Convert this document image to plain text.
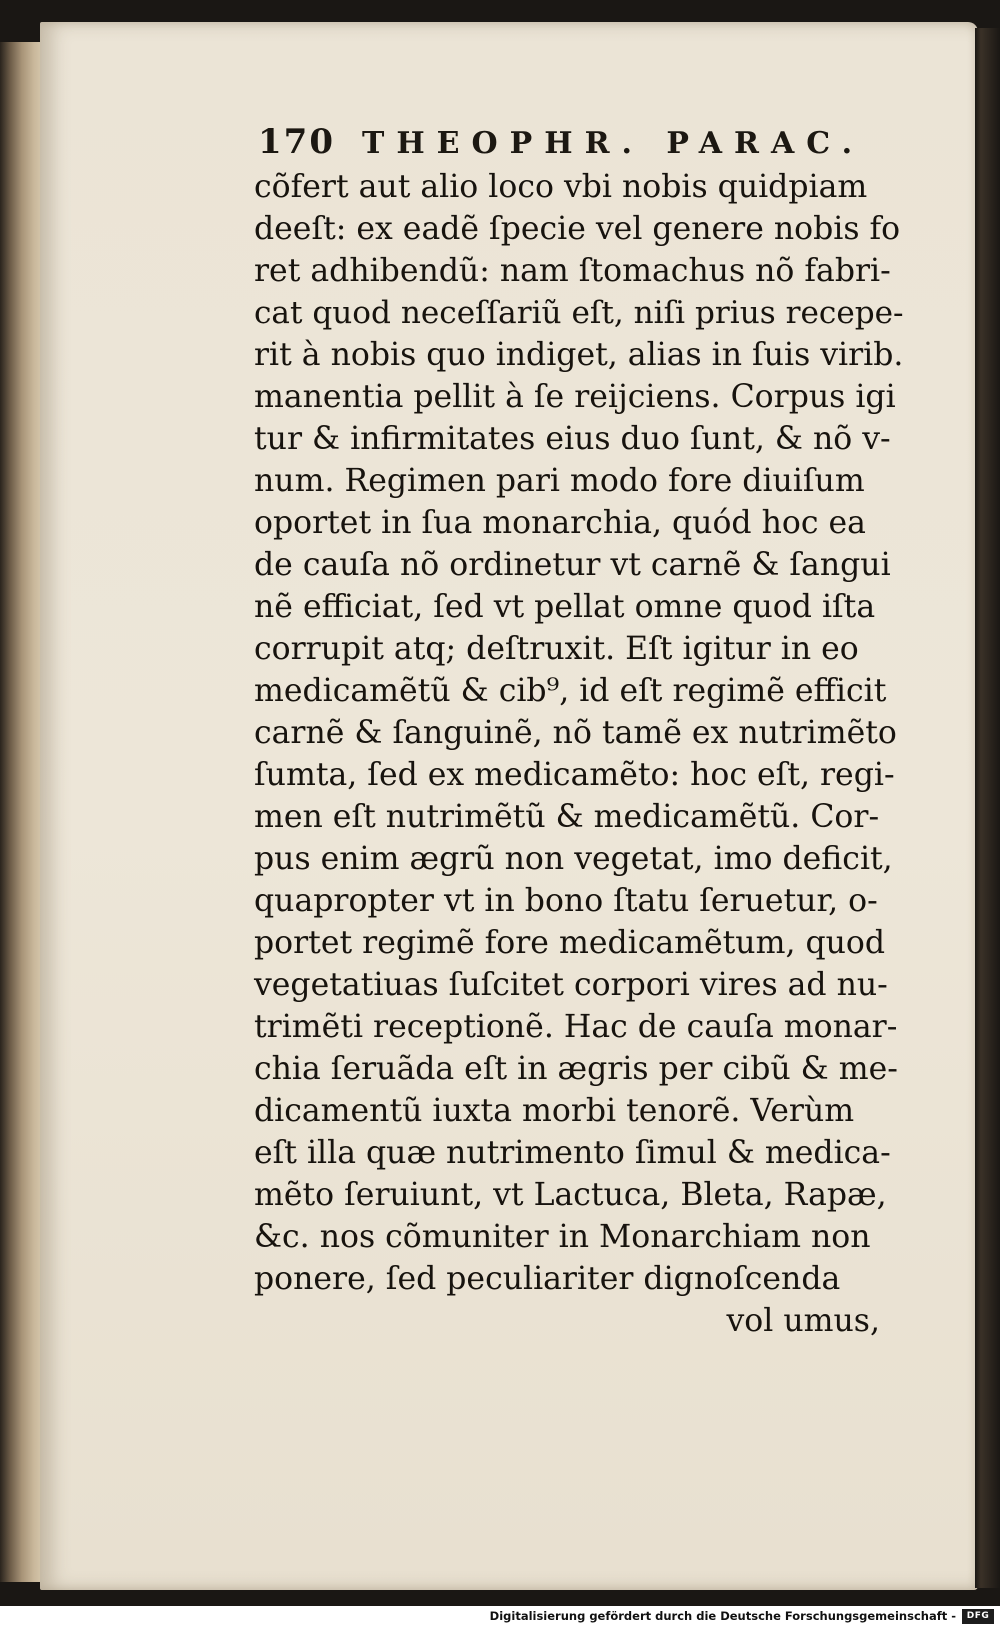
170 THEOPHR. PARAC.
cõfert aut alio loco vbi nobis quidpiam
deeſt: ex eadẽ ſpecie vel genere nobis fo
ret adhibendũ: nam ſtomachus nõ fabri-
cat quod neceſſariũ eſt, niſi prius recepe-
rit à nobis quo indiget, alias in ſuis virib.
manentia pellit à ſe reijciens. Corpus igi
tur & infirmitates eius duo ſunt, & nõ v-
num. Regimen pari modo fore diuiſum
oportet in ſua monarchia, quód hoc ea
de cauſa nõ ordinetur vt carnẽ & ſangui
nẽ efficiat, ſed vt pellat omne quod iſta
corrupit atq; deſtruxit. Eſt igitur in eo
medicamẽtũ & cib⁹, id eſt regimẽ efficit
carnẽ & ſanguinẽ, nõ tamẽ ex nutrimẽto
ſumta, ſed ex medicamẽto: hoc eſt, regi-
men eſt nutrimẽtũ & medicamẽtũ. Cor-
pus enim ægrũ non vegetat, imo deficit,
quapropter vt in bono ſtatu ſeruetur, o-
portet regimẽ fore medicamẽtum, quod
vegetatiuas ſuſcitet corpori vires ad nu-
trimẽti receptionẽ. Hac de cauſa monar-
chia ſeruãda eſt in ægris per cibũ & me-
dicamentũ iuxta morbi tenorẽ. Verùm
eſt illa quæ nutrimento ſimul & medica-
mẽto ſeruiunt, vt Lactuca, Bleta, Rapæ,
&c. nos cõmuniter in Monarchiam non
ponere, ſed peculiariter dignoſcenda
vol umus,
Digitalisierung gefördert durch die Deutsche Forschungsgemeinschaft -	DFG
